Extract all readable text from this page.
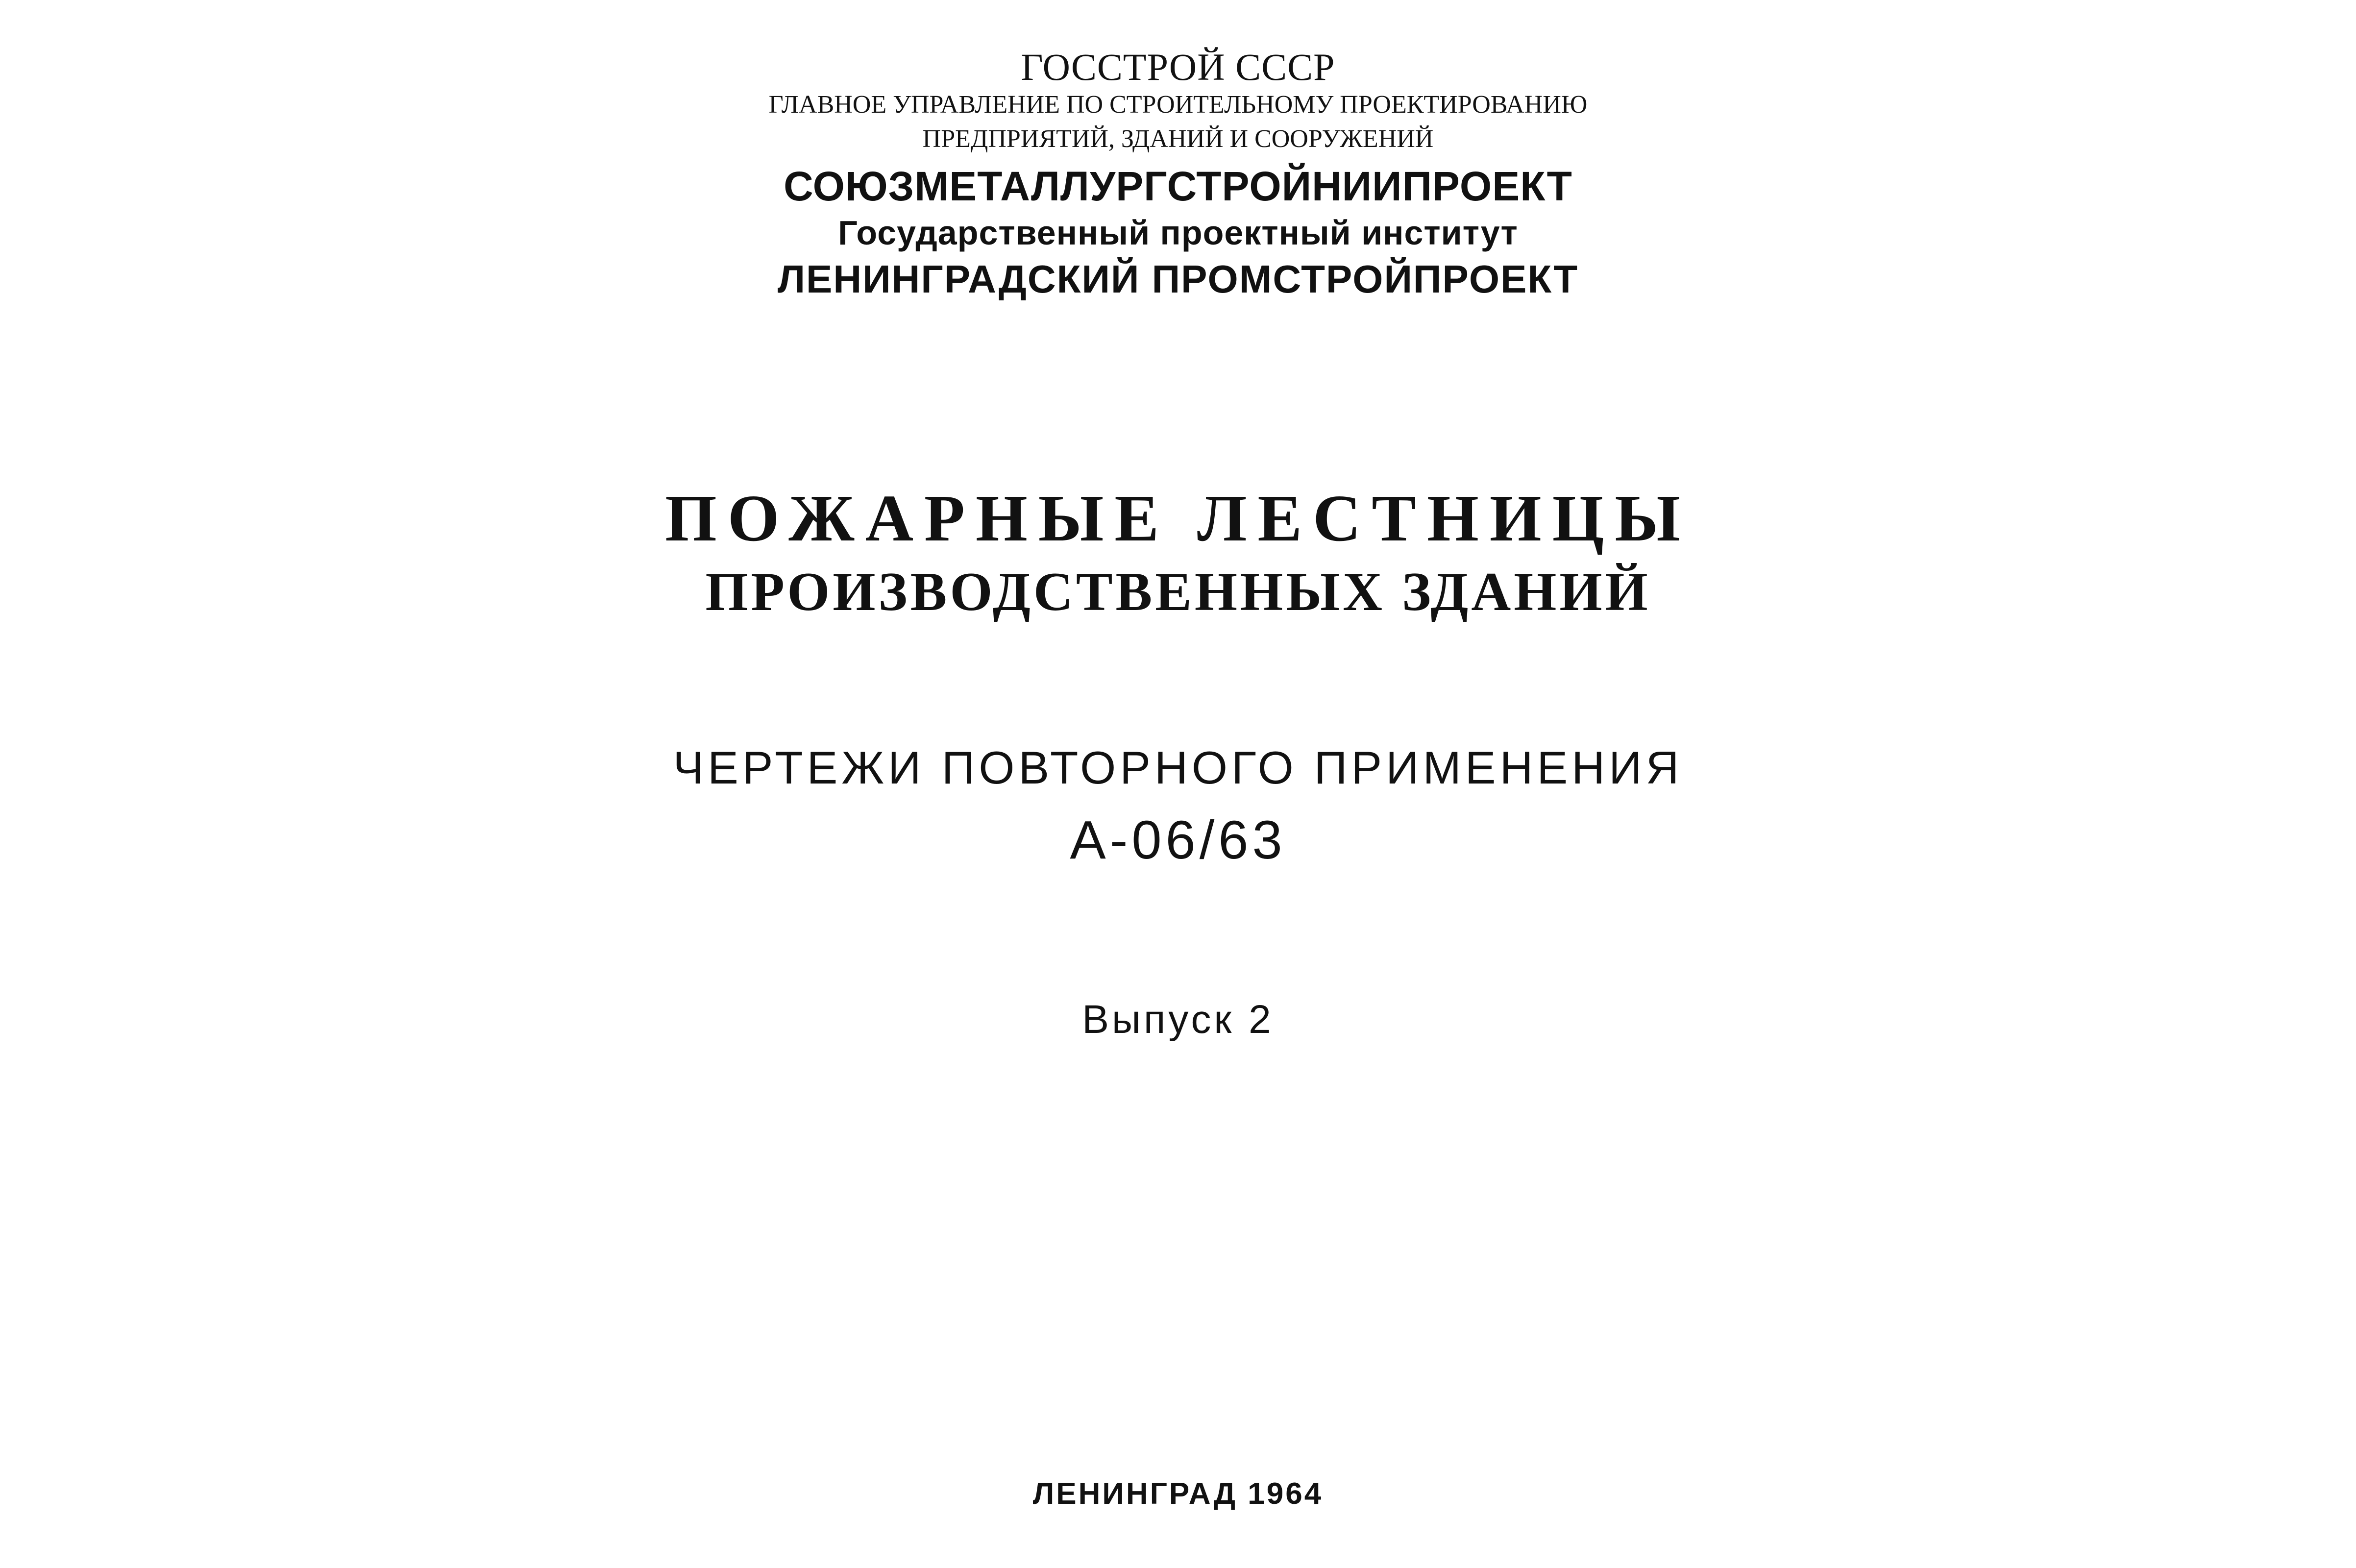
ГОССТРОЙ СССР
ГЛАВНОЕ УПРАВЛЕНИЕ ПО СТРОИТЕЛЬНОМУ ПРОЕКТИРОВАНИЮ
ПРЕДПРИЯТИЙ, ЗДАНИЙ И СООРУЖЕНИЙ
СОЮЗМЕТАЛЛУРГСТРОЙНИИПРОЕКТ
Государственный проектный институт
ЛЕНИНГРАДСКИЙ ПРОМСТРОЙПРОЕКТ
ПОЖАРНЫЕ ЛЕСТНИЦЫ
ПРОИЗВОДСТВЕННЫХ ЗДАНИЙ
ЧЕРТЕЖИ ПОВТОРНОГО ПРИМЕНЕНИЯ
А-06/63
Выпуск 2
ЛЕНИНГРАД 1964
